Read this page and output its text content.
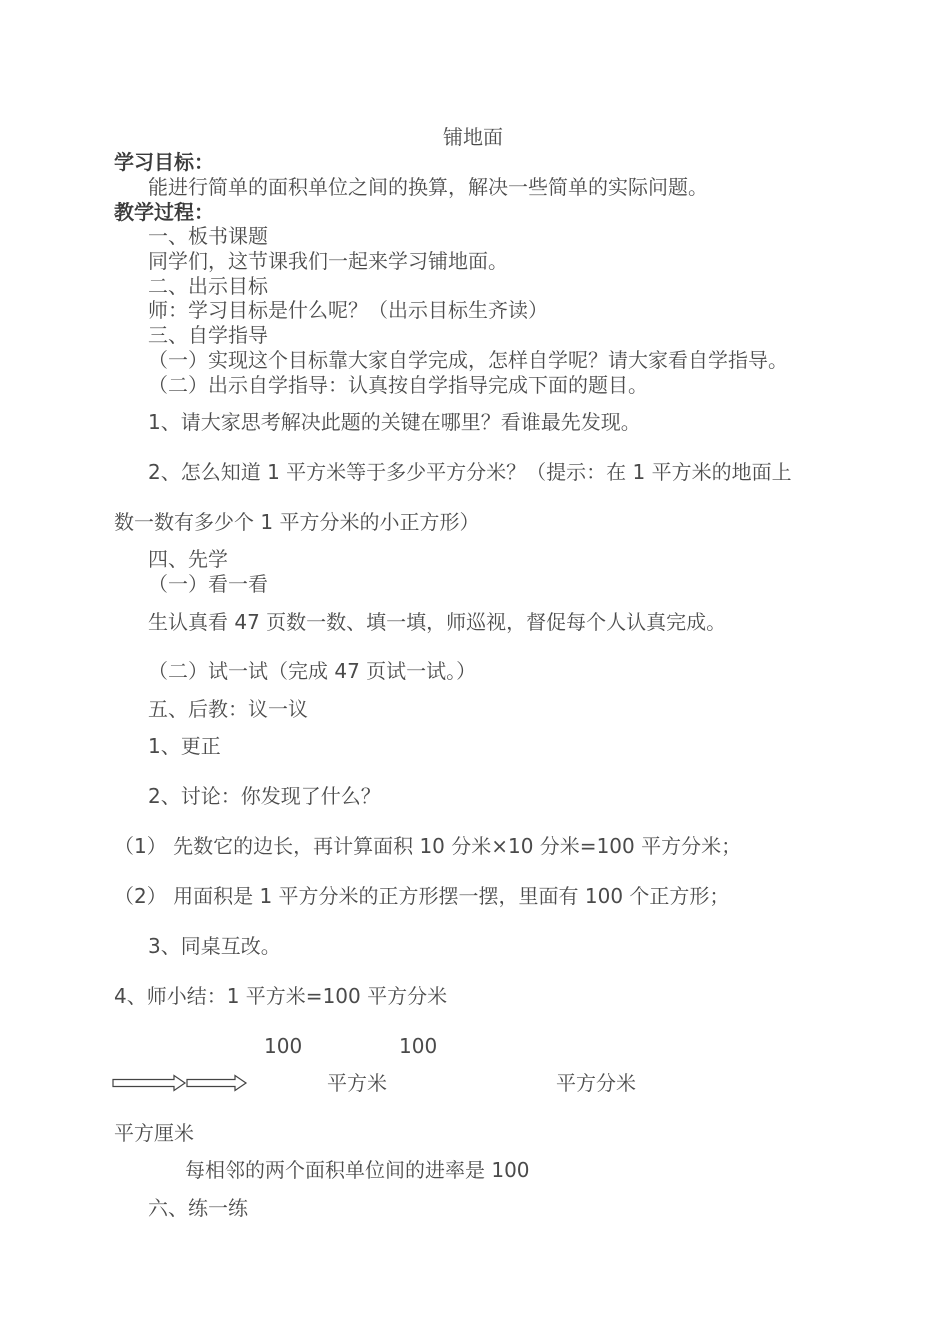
铺地面
学习目标：
能进行简单的面积单位之间的换算，解决一些简单的实际问题。
教学过程：
一、板书课题
同学们，这节课我们一起来学习铺地面。
二、出示目标
师：学习目标是什么呢？（出示目标生齐读）
三、自学指导
（一）实现这个目标靠大家自学完成，怎样自学呢？请大家看自学指导。
（二）出示自学指导：认真按自学指导完成下面的题目。
1、请大家思考解决此题的关键在哪里？看谁最先发现。
2、怎么知道 1 平方米等于多少平方分米？（提示：在 1 平方米的地面上
数一数有多少个 1 平方分米的小正方形）
四、先学
（一）看一看
生认真看 47 页数一数、填一填，师巡视，督促每个人认真完成。
（二）试一试（完成 47 页试一试。）
五、后教：议一议
1、更正
2、讨论：你发现了什么？
（1） 先数它的边长，再计算面积 10 分米×10 分米=100 平方分米；
（2） 用面积是 1 平方分米的正方形摆一摆，里面有 100 个正方形；
3、同桌互改。
4、师小结：1 平方米=100 平方分米
100	100
平方米	平方分米
平方厘米
每相邻的两个面积单位间的进率是 100
六、练一练
